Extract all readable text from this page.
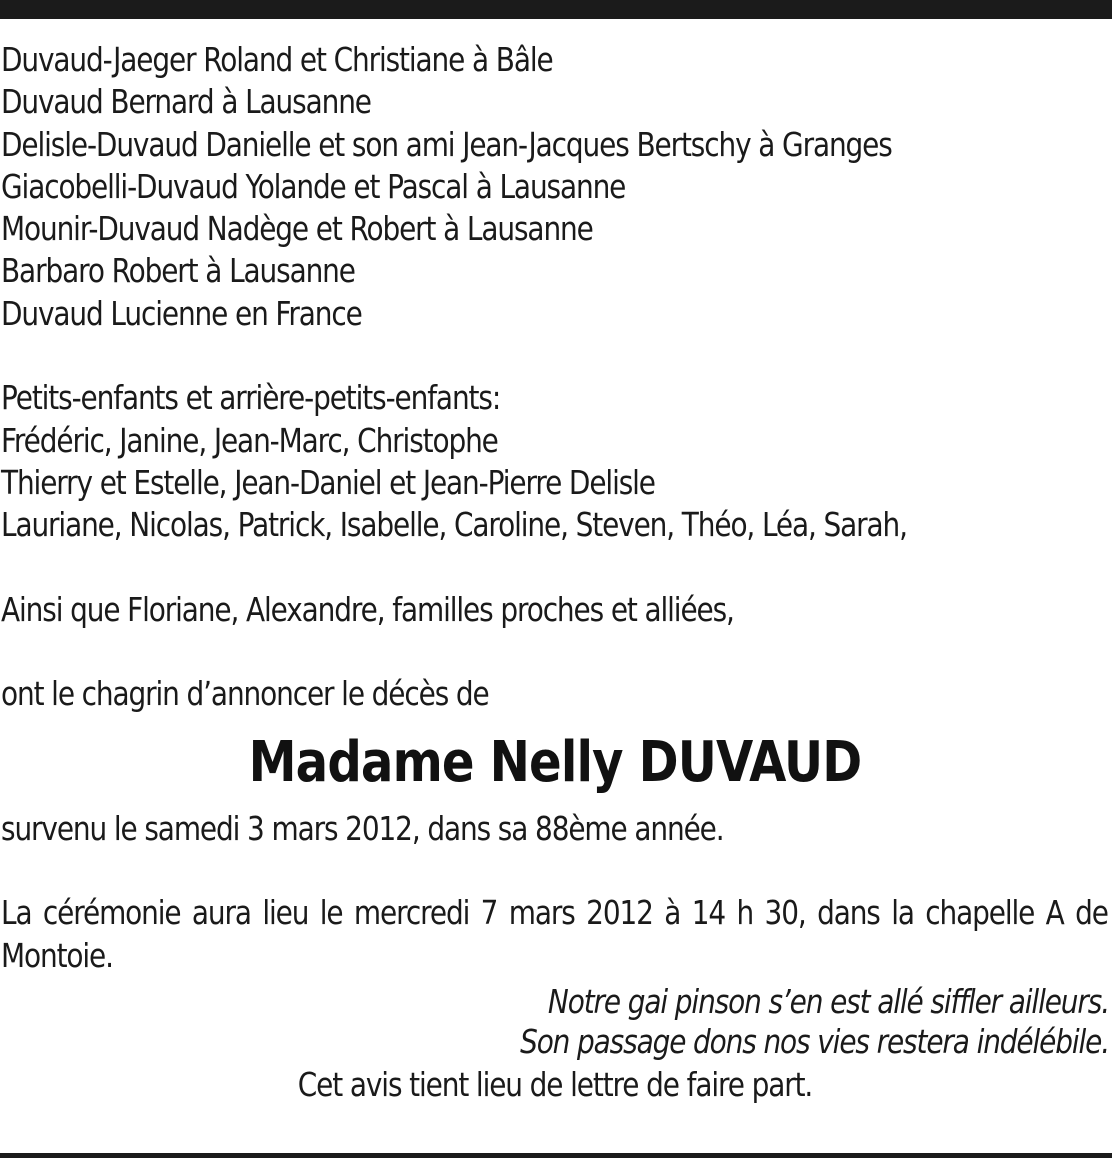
Duvaud-Jaeger Roland et Christiane à Bâle
Duvaud Bernard à Lausanne
Delisle-Duvaud Danielle et son ami Jean-Jacques Bertschy à Granges
Giacobelli-Duvaud Yolande et Pascal à Lausanne
Mounir-Duvaud Nadège et Robert à Lausanne
Barbaro Robert à Lausanne
Duvaud Lucienne en France
Petits-enfants et arrière-petits-enfants:
Frédéric, Janine, Jean-Marc, Christophe
Thierry et Estelle, Jean-Daniel et Jean-Pierre Delisle
Lauriane, Nicolas, Patrick, Isabelle, Caroline, Steven, Théo, Léa, Sarah,
Ainsi que Floriane, Alexandre, familles proches et alliées,
ont le chagrin d’annoncer le décès de
Madame Nelly DUVAUD
survenu le samedi 3 mars 2012, dans sa 88ème année.
La cérémonie aura lieu le mercredi 7 mars 2012 à 14 h 30, dans la chapelle A de Montoie.
Notre gai pinson s’en est allé siffler ailleurs.
Son passage dons nos vies restera indélébile.
Cet avis tient lieu de lettre de faire part.
